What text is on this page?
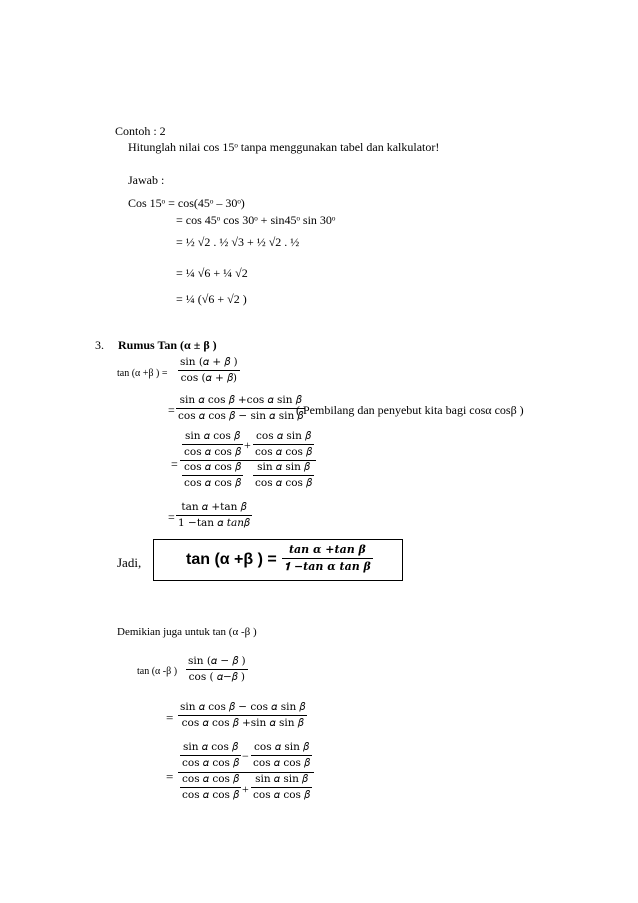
Contoh : 2
Hitunglah nilai cos 15ᵒ tanpa menggunakan tabel dan kalkulator!
Jawab :
Cos 15ᵒ = cos(45ᵒ – 30ᵒ)
= cos 45ᵒ cos 30ᵒ + sin45ᵒ sin 30ᵒ
= ½ √2 . ½ √3 + ½ √2 . ½
= ¼ √6 + ¼ √2
= ¼ (√6 + √2 )
3. Rumus Tan (α ± β )
tan (α +β ) =
sin (𝛼 + 𝛽 )
cos (𝛼 + 𝛽)
=
sin 𝛼 cos 𝛽 +cos 𝛼 sin 𝛽
cos 𝛼 cos 𝛽 − sin 𝛼 sin 𝛽
( Pembilang dan penyebut kita bagi cosα cosβ )
=
sin 𝛼 cos 𝛽
cos 𝛼 cos 𝛽
+
cos 𝛼 sin 𝛽
cos 𝛼 cos 𝛽
cos 𝛼 cos 𝛽
cos 𝛼 cos 𝛽
sin 𝛼 sin 𝛽
cos 𝛼 cos 𝛽
=
tan 𝛼 +tan 𝛽
1 −tan 𝛼 𝑡𝑎𝑛𝛽
Jadi,	tan (α +β ) =
𝒕𝒂𝒏 𝜶 +𝒕𝒂𝒏 𝜷
𝟏 −𝒕𝒂𝒏 𝜶 𝒕𝒂𝒏 𝜷
Demikian juga untuk tan (α -β )
tan (α -β )
sin (𝛼 − 𝛽 )
cos ( 𝛼−𝛽 )
=
sin 𝛼 cos 𝛽 − cos 𝛼 sin 𝛽
cos 𝛼 cos 𝛽 +sin 𝛼 sin 𝛽
=
sin 𝛼 cos 𝛽
cos 𝛼 cos 𝛽
−
cos 𝛼 sin 𝛽
cos 𝛼 cos 𝛽
cos 𝛼 cos 𝛽
cos 𝛼 cos 𝛽 +
sin 𝛼 sin 𝛽
cos 𝛼 cos 𝛽
